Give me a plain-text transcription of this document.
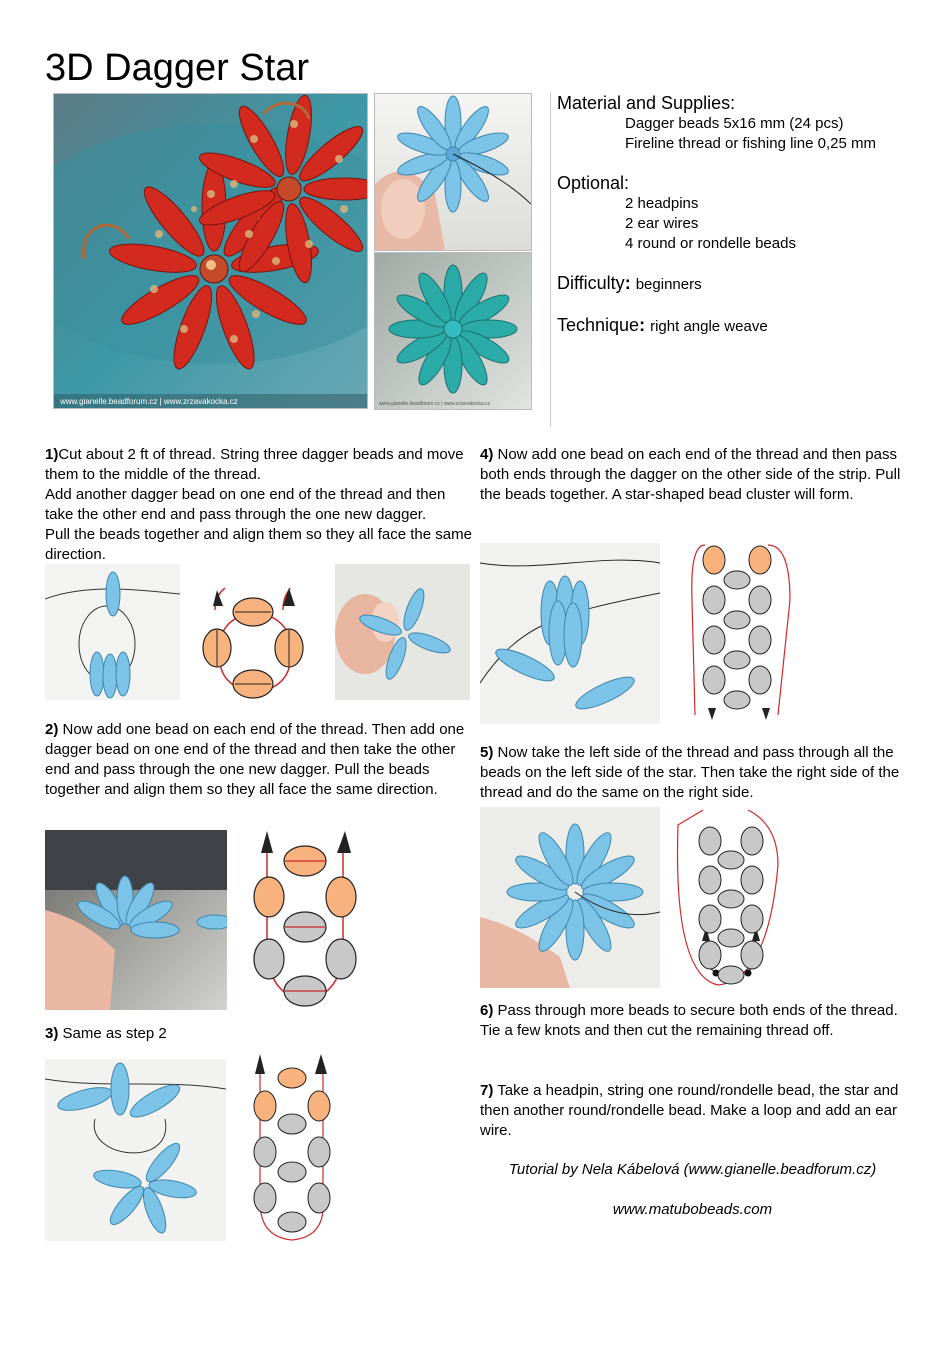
3D Dagger Star
www.gianelle.beadforum.cz | www.zrzavakocka.cz	www.gianelle.beadforum.cz | www.zrzavakocka.cz

Material and Supplies:

Dagger beads 5x16 mm (24 pcs)

Fireline thread or fishing line 0,25 mm

Optional:

2 headpins

2 ear wires

4 round or rondelle beads

Difficulty: beginners

Technique: right angle weave

1)Cut about 2 ft of thread. String three dagger beads and move them to the middle of the thread.
Add another dagger bead on one end of the thread and then take the other end and pass through the one new dagger.
Pull the beads together and align them so they all face the same direction.
2) Now add one bead on each end of the thread. Then add one dagger bead on one end of the thread and then take the other end and pass through the one new dagger. Pull the beads together and align them so they all face the same direction.
3) Same as step 2
4) Now add one bead on each end of the thread and then pass both ends through the dagger on the other side of the strip. Pull the beads together. A star-shaped bead cluster will form.
5) Now take the left side of the thread and pass through all the beads on the left side of the star. Then take the right side of the thread and do the same on the right side.
6) Pass through more beads to secure both ends of the thread. Tie a few knots and then cut the remaining thread off.
7) Take a headpin, string one round/rondelle bead, the star and then another round/rondelle bead. Make a loop and add an ear wire.
Tutorial by Nela Kábelová (www.gianelle.beadforum.cz)
www.matubobeads.com
